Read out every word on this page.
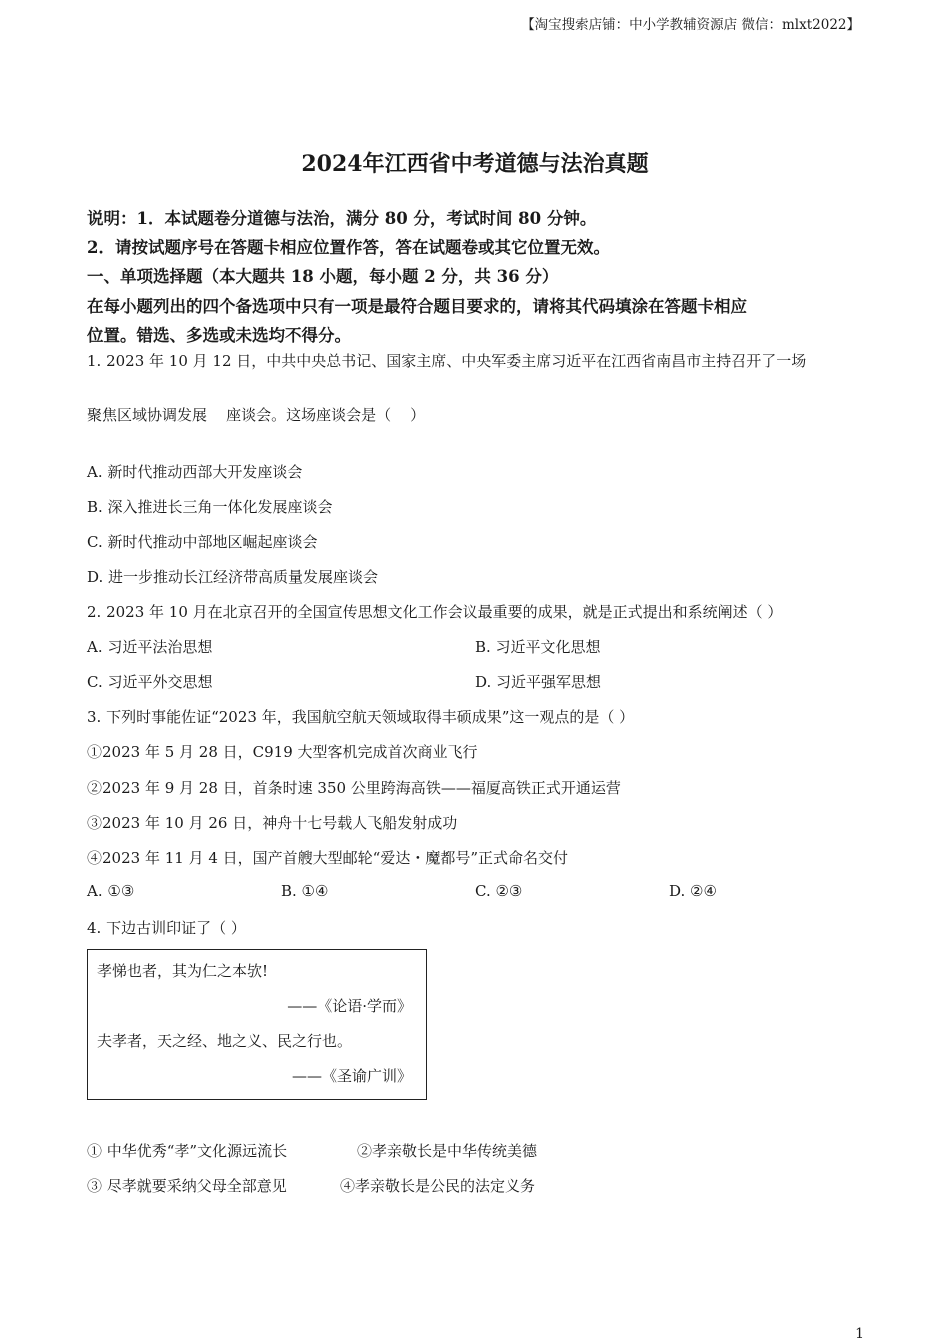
【淘宝搜索店铺：中小学教辅资源店 微信：mlxt2022】
2024年江西省中考道德与法治真题
说明：1．本试题卷分道德与法治，满分 80 分，考试时间 80 分钟。
2．请按试题序号在答题卡相应位置作答，答在试题卷或其它位置无效。
一、单项选择题（本大题共 18 小题，每小题 2 分，共 36 分）
在每小题列出的四个备选项中只有一项是最符合题目要求的，请将其代码填涂在答题卡相应
位置。错选、多选或未选均不得分。
1. 2023 年 10 月 12 日，中共中央总书记、国家主席、中央军委主席习近平在江西省南昌市主持召开了一场
聚焦区域协调发展    座谈会。这场座谈会是（    ）
A. 新时代推动西部大开发座谈会
B. 深入推进长三角一体化发展座谈会
C. 新时代推动中部地区崛起座谈会
D. 进一步推动长江经济带高质量发展座谈会
2. 2023 年 10 月在北京召开的全国宣传思想文化工作会议最重要的成果，就是正式提出和系统阐述（ ）
A. 习近平法治思想	B. 习近平文化思想
C. 习近平外交思想	D. 习近平强军思想
3. 下列时事能佐证“2023 年，我国航空航天领域取得丰硕成果”这一观点的是（ ）
①2023 年 5 月 28 日，C919 大型客机完成首次商业飞行
②2023 年 9 月 28 日，首条时速 350 公里跨海高铁——福厦高铁正式开通运营
③2023 年 10 月 26 日，神舟十七号载人飞船发射成功
④2023 年 11 月 4 日，国产首艘大型邮轮“爱达・魔都号”正式命名交付
A. ①③	B. ①④	C. ②③	D. ②④
4. 下边古训印证了（ ）
孝悌也者，其为仁之本欤!
——《论语·学而》
夫孝者，天之经、地之义、民之行也。
——《圣谕广训》
① 中华优秀“孝”文化源远流长	②孝亲敬长是中华传统美德
③ 尽孝就要采纳父母全部意见	④孝亲敬长是公民的法定义务
1
